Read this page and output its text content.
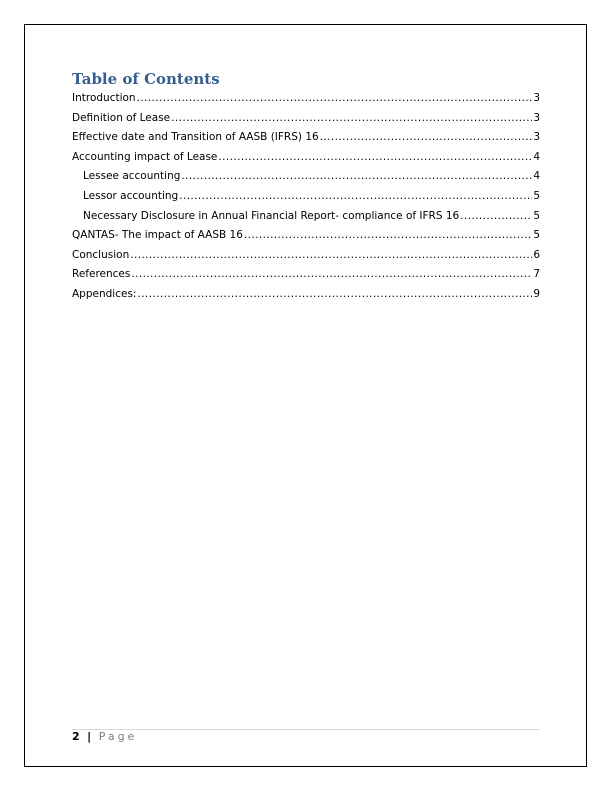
Table of Contents
Introduction .....	3
Definition of Lease .....	3
Effective date and Transition of AASB (IFRS) 16 .....	3
Accounting impact of Lease .....	4
Lessee accounting .....	4
Lessor accounting .....	5
Necessary Disclosure in Annual Financial Report- compliance of IFRS 16 .....	5
QANTAS- The impact of AASB 16 .....	5
Conclusion .....	6
References .....	7
Appendices: .....	9
2 | Page
